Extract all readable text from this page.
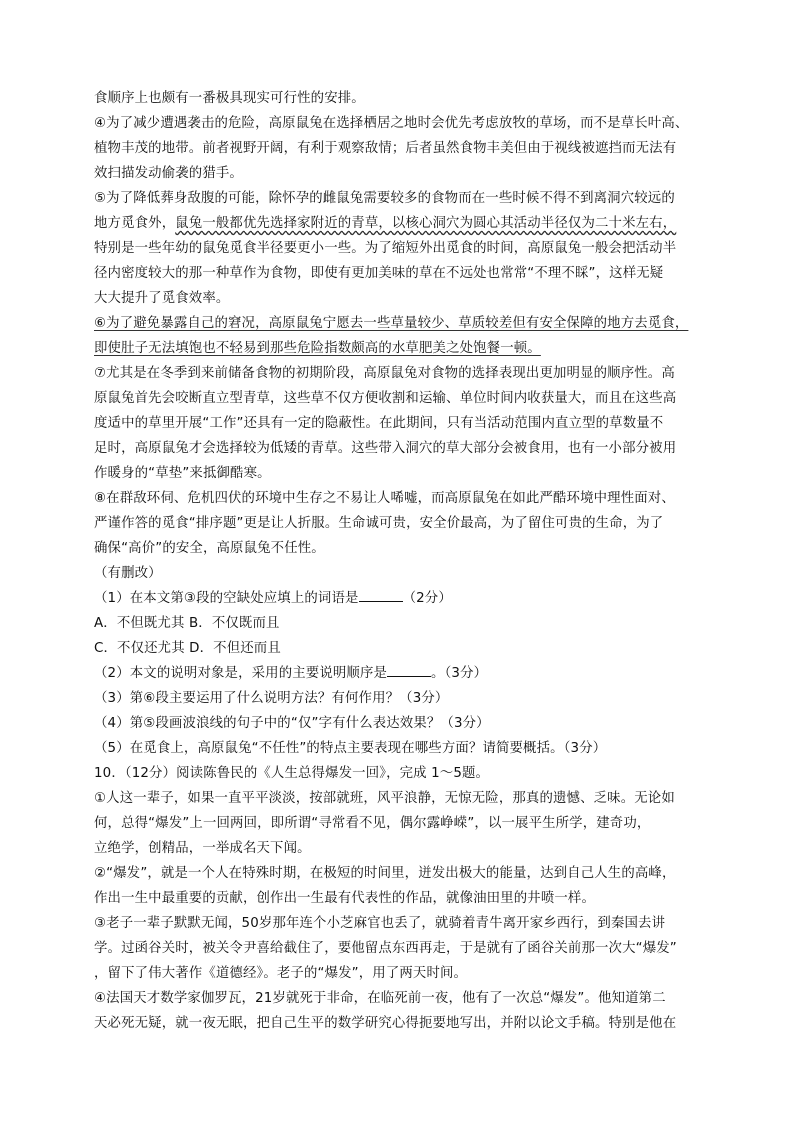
食顺序上也颇有一番极具现实可行性的安排。

④为了减少遭遇袭击的危险，高原鼠兔在选择栖居之地时会优先考虑放牧的草场，而不是草长叶高、

植物丰茂的地带。前者视野开阔，有利于观察敌情；后者虽然食物丰美但由于视线被遮挡而无法有

效扫描发动偷袭的猎手。

⑤为了降低葬身敌腹的可能，除怀孕的雌鼠兔需要较多的食物而在一些时候不得不到离洞穴较远的

地方觅食外，鼠兔一般都优先选择家附近的青草，以核心洞穴为圆心其活动半径仅为二十米左右，

特别是一些年幼的鼠兔觅食半径要更小一些。为了缩短外出觅食的时间，高原鼠兔一般会把活动半

径内密度较大的那一种草作为食物，即使有更加美味的草在不远处也常常“不理不睬”，这样无疑

大大提升了觅食效率。

⑥为了避免暴露自己的窘况，高原鼠兔宁愿去一些草量较少、草质较差但有安全保障的地方去觅食，

即使肚子无法填饱也不轻易到那些危险指数颇高的水草肥美之处饱餐一顿。

⑦尤其是在冬季到来前储备食物的初期阶段，高原鼠兔对食物的选择表现出更加明显的顺序性。高

原鼠兔首先会咬断直立型青草，这些草不仅方便收割和运输、单位时间内收获量大，而且在这些高

度适中的草里开展“工作”还具有一定的隐蔽性。在此期间，只有当活动范围内直立型的草数量不

足时，高原鼠兔才会选择较为低矮的青草。这些带入洞穴的草大部分会被食用，也有一小部分被用

作暖身的“草垫”来抵御酷寒。

⑧在群敌环伺、危机四伏的环境中生存之不易让人唏嘘，而高原鼠兔在如此严酷环境中理性面对、

严谨作答的觅食“排序题”更是让人折服。生命诚可贵，安全价最高，为了留住可贵的生命，为了

确保“高价”的安全，高原鼠兔不任性。

（有删改）

（1）在本文第③段的空缺处应填上的词语是	（2分）

A．不但既尤其 B．不仅既而且

C．不仅还尤其 D．不但还而且

（2）本文的说明对象是，采用的主要说明顺序是	。（3分）

（3）第⑥段主要运用了什么说明方法？有何作用？（3分）

（4）第⑤段画波浪线的句子中的“仅”字有什么表达效果？（3分）

（5）在觅食上，高原鼠兔“不任性”的特点主要表现在哪些方面？请简要概括。（3分）

10．（12分）阅读陈鲁民的《人生总得爆发一回》，完成 1～5题。

①人这一辈子，如果一直平平淡淡，按部就班，风平浪静，无惊无险，那真的遗憾、乏味。无论如

何，总得“爆发”上一回两回，即所谓“寻常看不见，偶尔露峥嵘”，以一展平生所学，建奇功，

立绝学，创精品，一举成名天下闻。

②“爆发”，就是一个人在特殊时期，在极短的时间里，迸发出极大的能量，达到自己人生的高峰，

作出一生中最重要的贡献，创作出一生最有代表性的作品，就像油田里的井喷一样。

③老子一辈子默默无闻，50岁那年连个小芝麻官也丢了，就骑着青牛离开家乡西行，到秦国去讲

学。过函谷关时，被关令尹喜给截住了，要他留点东西再走，于是就有了函谷关前那一次大“爆发”

，留下了伟大著作《道德经》。老子的“爆发”，用了两天时间。

④法国天才数学家伽罗瓦，21岁就死于非命，在临死前一夜，他有了一次总“爆发”。他知道第二

天必死无疑，就一夜无眠，把自己生平的数学研究心得扼要地写出，并附以论文手稿。特别是他在
